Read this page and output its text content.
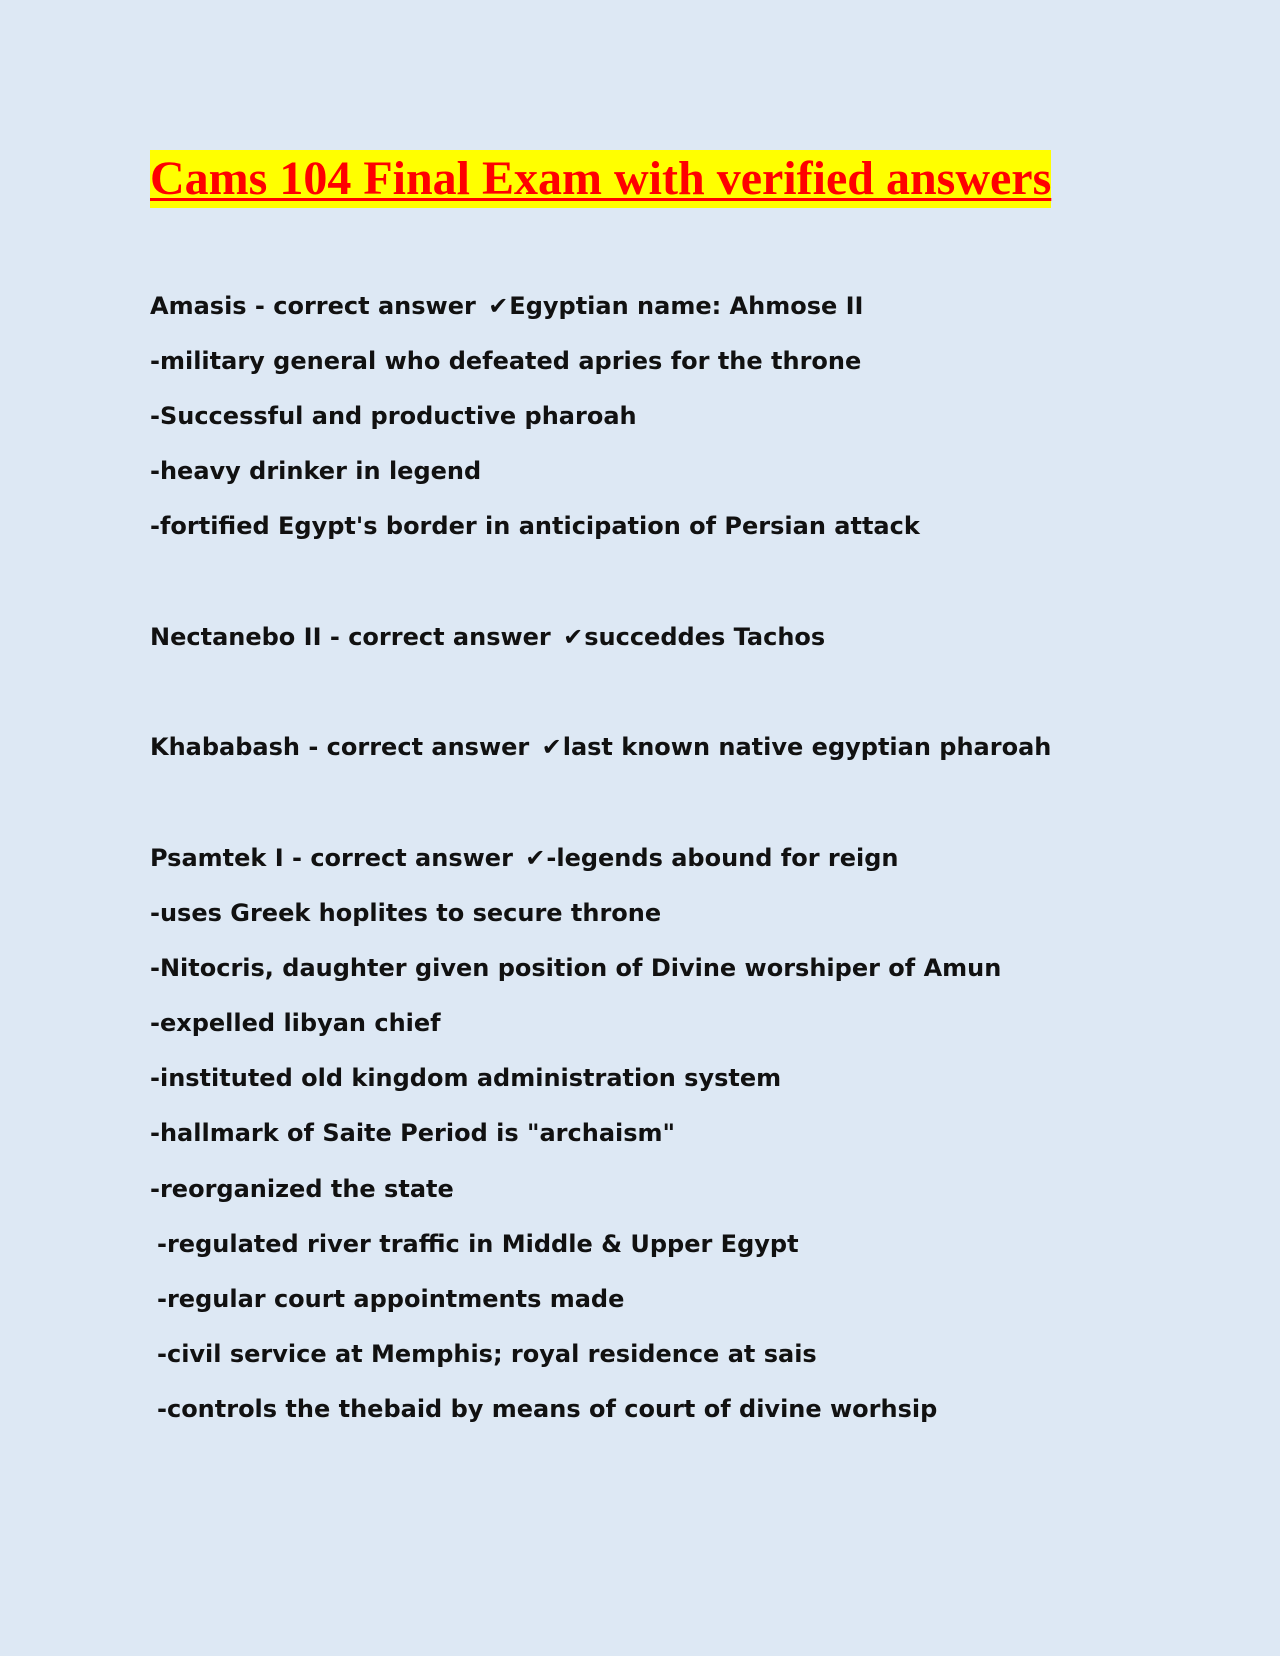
Cams 104 Final Exam with verified answers

Amasis - correct answer ✔Egyptian name: Ahmose II

-military general who defeated apries for the throne

-Successful and productive pharoah

-heavy drinker in legend

-fortified Egypt's border in anticipation of Persian attack

Nectanebo II - correct answer ✔succeddes Tachos

Khababash - correct answer ✔last known native egyptian pharoah

Psamtek I - correct answer ✔-legends abound for reign

-uses Greek hoplites to secure throne

-Nitocris, daughter given position of Divine worshiper of Amun

-expelled libyan chief

-instituted old kingdom administration system

-hallmark of Saite Period is "archaism"

-reorganized the state

-regulated river traffic in Middle & Upper Egypt

-regular court appointments made

-civil service at Memphis; royal residence at sais

-controls the thebaid by means of court of divine worhsip
